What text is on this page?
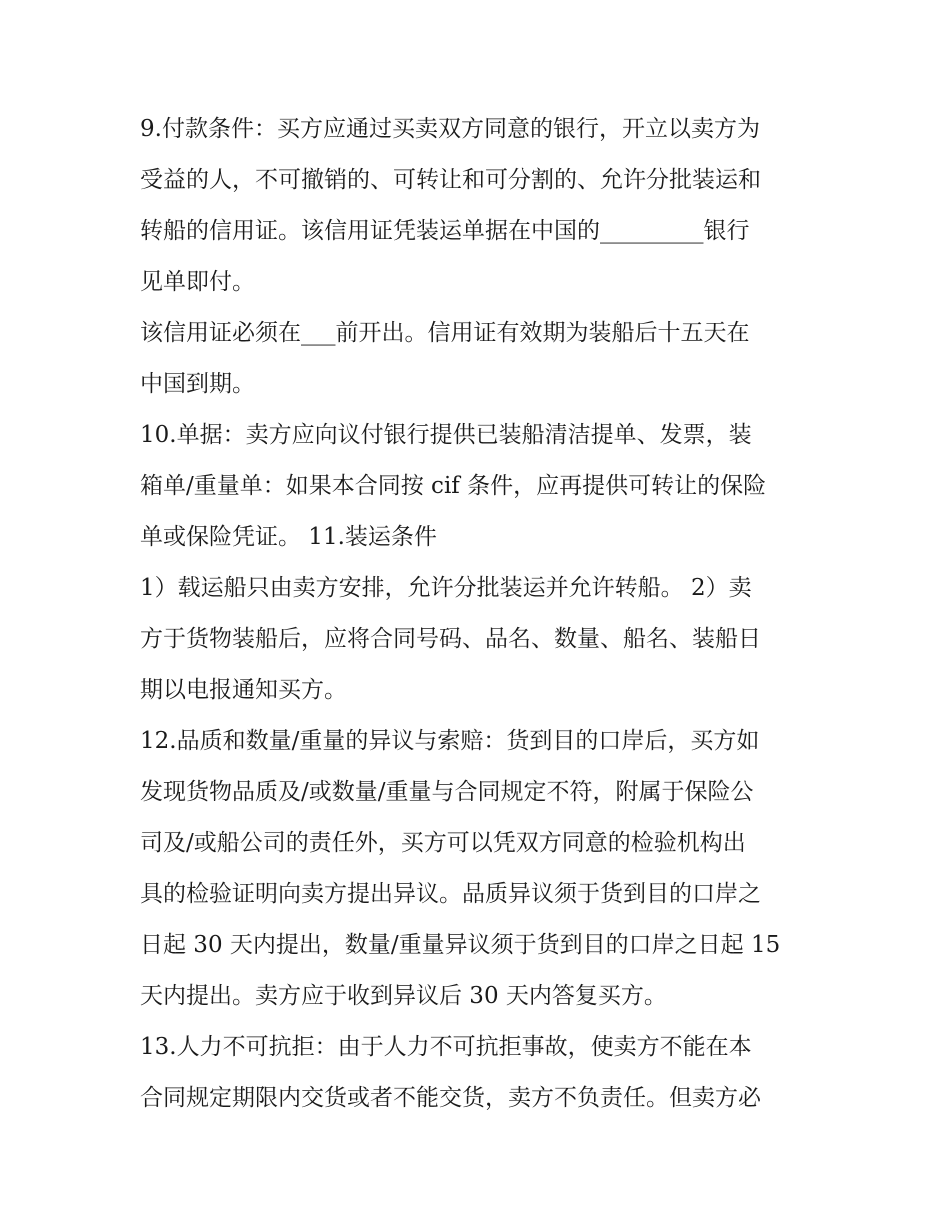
9.付款条件：买方应通过买卖双方同意的银行，开立以卖方为
受益的人，不可撤销的、可转让和可分割的、允许分批装运和
转船的信用证。该信用证凭装运单据在中国的_________银行
见单即付。
该信用证必须在___前开出。信用证有效期为装船后十五天在
中国到期。
10.单据：卖方应向议付银行提供已装船清洁提单、发票，装
箱单/重量单：如果本合同按 cif 条件，应再提供可转让的保险
单或保险凭证。 11.装运条件
1）载运船只由卖方安排，允许分批装运并允许转船。 2）卖
方于货物装船后，应将合同号码、品名、数量、船名、装船日
期以电报通知买方。
12.品质和数量/重量的异议与索赔：货到目的口岸后，买方如
发现货物品质及/或数量/重量与合同规定不符，附属于保险公
司及/或船公司的责任外，买方可以凭双方同意的检验机构出
具的检验证明向卖方提出异议。品质异议须于货到目的口岸之
日起 30 天内提出，数量/重量异议须于货到目的口岸之日起 15
天内提出。卖方应于收到异议后 30 天内答复买方。
13.人力不可抗拒：由于人力不可抗拒事故，使卖方不能在本
合同规定期限内交货或者不能交货，卖方不负责任。但卖方必
